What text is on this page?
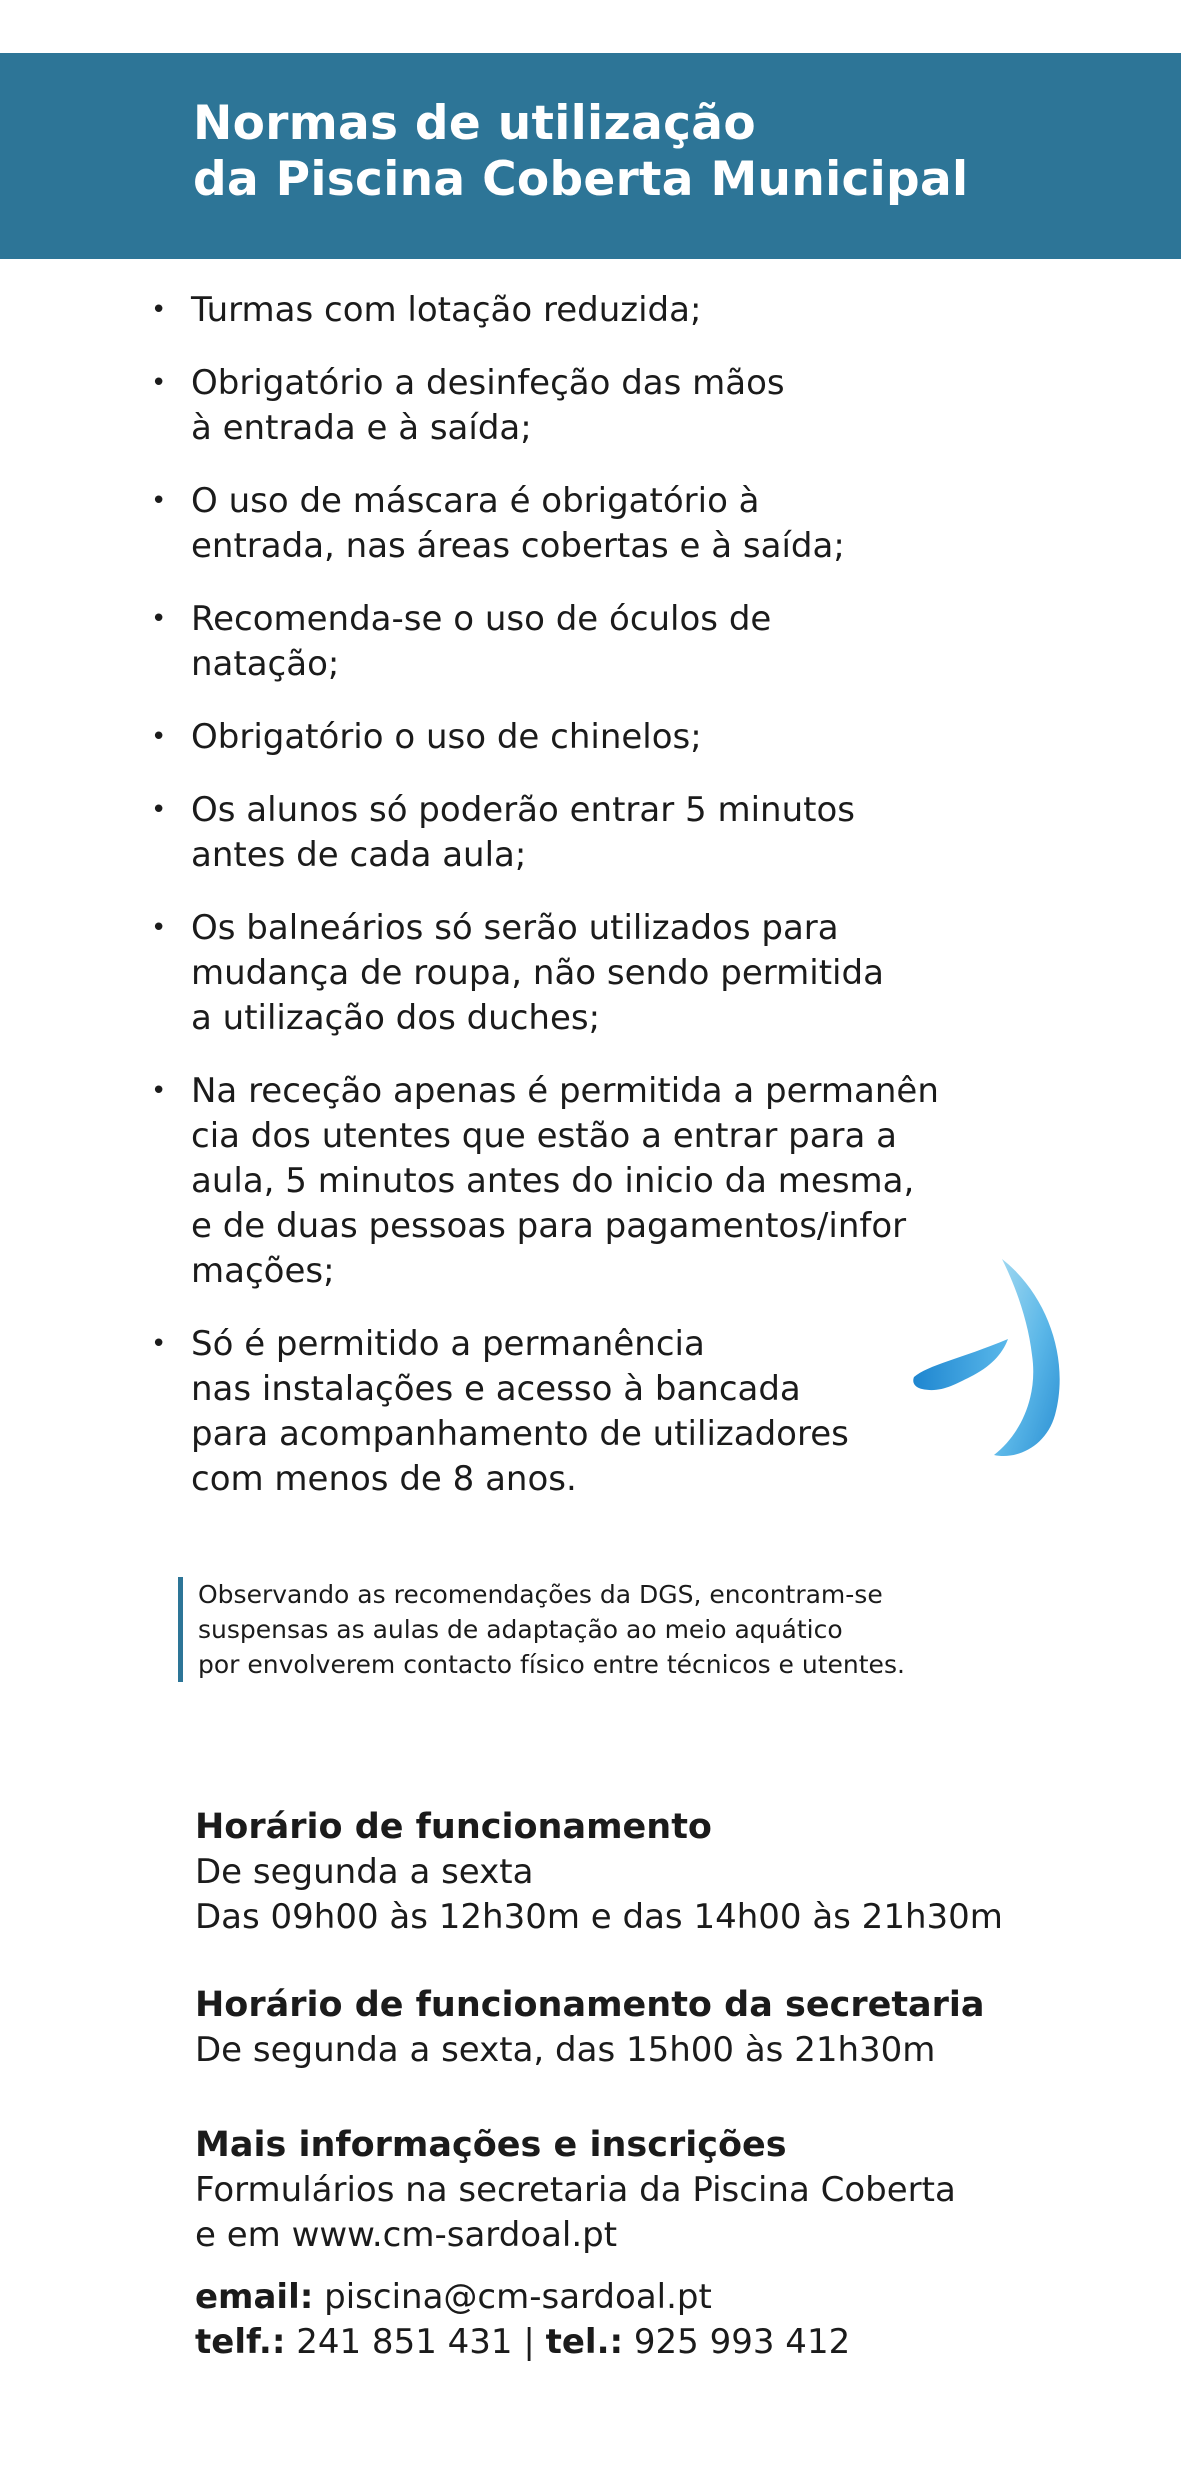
Normas de utilização
da Piscina Coberta Municipal
• Turmas com lotação reduzida;
• Obrigatório a desinfeção das mãos
à entrada e à saída;
• O uso de máscara é obrigatório à
entrada, nas áreas cobertas e à saída;
• Recomenda-se o uso de óculos de
natação;
• Obrigatório o uso de chinelos;
• Os alunos só poderão entrar 5 minutos
antes de cada aula;
• Os balneários só serão utilizados para
mudança de roupa, não sendo permitida
a utilização dos duches;
• Na receção apenas é permitida a permanên
cia dos utentes que estão a entrar para a
aula, 5 minutos antes do inicio da mesma,
e de duas pessoas para pagamentos/infor
mações;
• Só é permitido a permanência
nas instalações e acesso à bancada
para acompanhamento de utilizadores
com menos de 8 anos.
Observando as recomendações da DGS, encontram-se
suspensas as aulas de adaptação ao meio aquático
por envolverem contacto físico entre técnicos e utentes.
Horário de funcionamento
De segunda a sexta
Das 09h00 às 12h30m e das 14h00 às 21h30m
Horário de funcionamento da secretaria
De segunda a sexta, das 15h00 às 21h30m
Mais informações e inscrições
Formulários na secretaria da Piscina Coberta
e em www.cm-sardoal.pt
email: piscina@cm-sardoal.pt
telf.: 241 851 431 | tel.: 925 993 412
